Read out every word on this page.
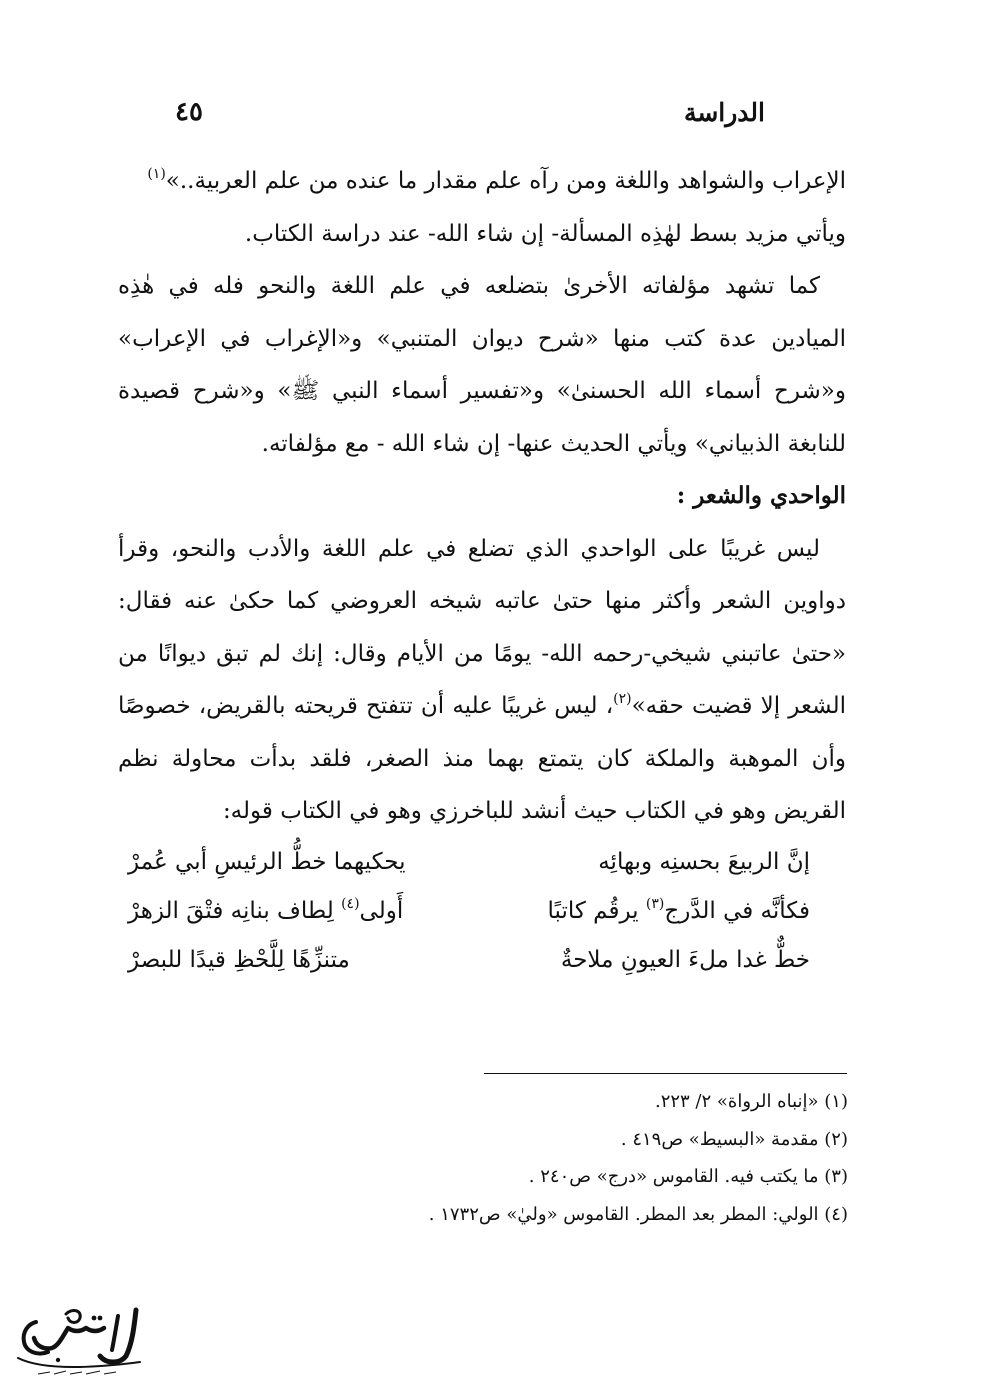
الدراسة
٤٥

الإعراب والشواهد واللغة ومن رآه علم مقدار ما عنده من علم العربية..»$^{(١)}$
ويأتي مزيد بسط لهٰذِه المسألة- إن شاء الله- عند دراسة الكتاب.

كما تشهد مؤلفاته الأخرىٰ بتضلعه في علم اللغة والنحو فله في هٰذِه الميادين عدة كتب منها «شرح ديوان المتنبي» و«الإغراب في الإعراب» و«شرح أسماء الله الحسنىٰ» و«تفسير أسماء النبي ﷺ» و«شرح قصيدة للنابغة الذبياني» ويأتي الحديث عنها- إن شاء الله - مع مؤلفاته.

الواحدي والشعر :

ليس غريبًا على الواحدي الذي تضلع في علم اللغة والأدب والنحو، وقرأ دواوين الشعر وأكثر منها حتىٰ عاتبه شيخه العروضي كما حكىٰ عنه فقال: «حتىٰ عاتبني شيخي-رحمه الله- يومًا من الأيام وقال: إنك لم تبق ديوانًا من الشعر إلا قضيت حقه»$^{(٢)}$، ليس غريبًا عليه أن تتفتح قريحته بالقريض، خصوصًا وأن الموهبة والملكة كان يتمتع بهما منذ الصغر، فلقد بدأت محاولة نظم القريض وهو في الكتاب حيث أنشد للباخرزي وهو في الكتاب قوله:

إنَّ الربيعَ بحسنِه وبهائِه
يحكيهما خطُّ الرئيسِ أبي عُمرْ
فكأنَّه في الدَّرج$^{(٣)}$ يرقُم كاتبًا
أَولى$^{(٤)}$ لِطاف بنانِه فتْقَ الزهرْ
خطٌّ غدا ملءَ العيونِ ملاحةٌ
متنزِّهًا لِلَّحْظِ قيدًا للبصرْ

(١) «إنباه الرواة» ٢/ ٢٢٣.

(٢) مقدمة «البسيط» ص٤١٩ .

(٣) ما يكتب فيه. القاموس «درج» ص٢٤٠ .

(٤) الولي: المطر بعد المطر. القاموس «وليٰ» ص١٧٣٢ .
